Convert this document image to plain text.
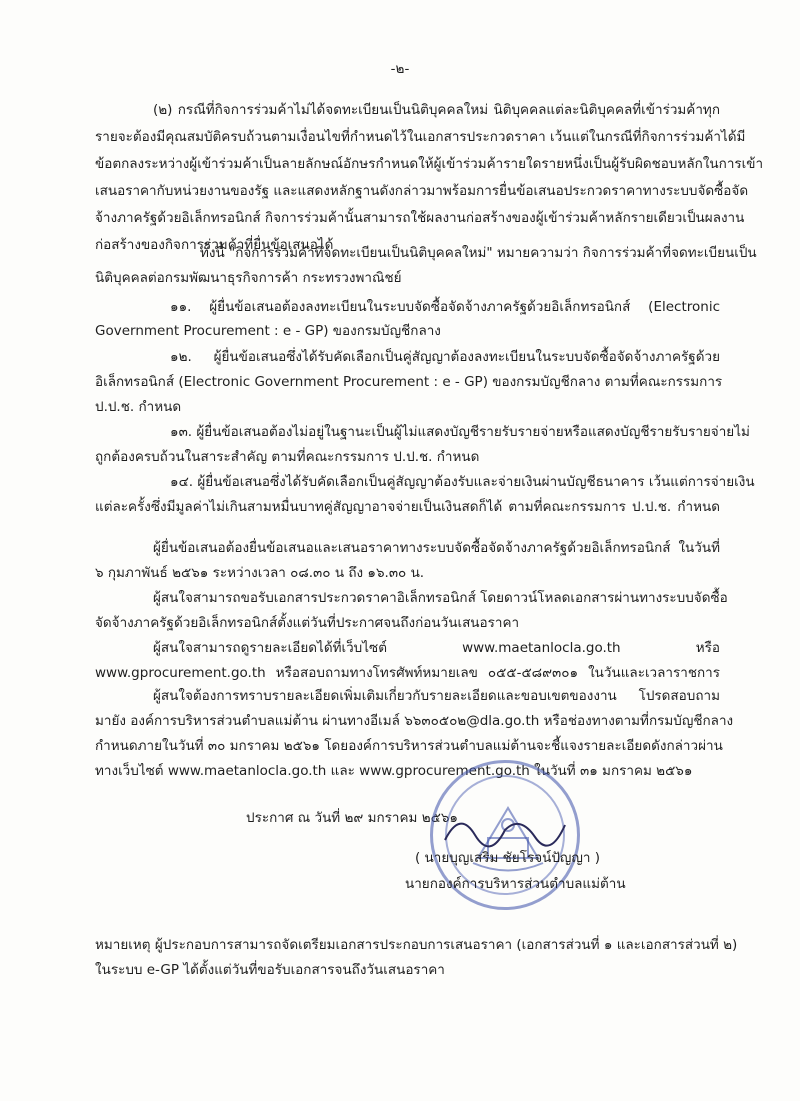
-๒-
(๒) กรณีที่กิจการร่วมค้าไม่ได้จดทะเบียนเป็นนิติบุคคลใหม่ นิติบุคคลแต่ละนิติบุคคลที่เข้าร่วมค้าทุก
รายจะต้องมีคุณสมบัติครบถ้วนตามเงื่อนไขที่กำหนดไว้ในเอกสารประกวดราคา เว้นแต่ในกรณีที่กิจการร่วมค้าได้มี
ข้อตกลงระหว่างผู้เข้าร่วมค้าเป็นลายลักษณ์อักษรกำหนดให้ผู้เข้าร่วมค้ารายใดรายหนึ่งเป็นผู้รับผิดชอบหลักในการเข้า
เสนอราคากับหน่วยงานของรัฐ และแสดงหลักฐานดังกล่าวมาพร้อมการยื่นข้อเสนอประกวดราคาทางระบบจัดซื้อจัด
จ้างภาครัฐด้วยอิเล็กทรอนิกส์ กิจการร่วมค้านั้นสามารถใช้ผลงานก่อสร้างของผู้เข้าร่วมค้าหลักรายเดียวเป็นผลงาน
ก่อสร้างของกิจการร่วมค้าที่ยื่นข้อเสนอได้
ทั้งนี้ "กิจการร่วมค้าที่จดทะเบียนเป็นนิติบุคคลใหม่" หมายความว่า กิจการร่วมค้าที่จดทะเบียนเป็น
นิติบุคคลต่อกรมพัฒนาธุรกิจการค้า กระทรวงพาณิชย์
๑๑. ผู้ยื่นข้อเสนอต้องลงทะเบียนในระบบจัดซื้อจัดจ้างภาครัฐด้วยอิเล็กทรอนิกส์ (Electronic
Government Procurement : e - GP) ของกรมบัญชีกลาง
๑๒. ผู้ยื่นข้อเสนอซึ่งได้รับคัดเลือกเป็นคู่สัญญาต้องลงทะเบียนในระบบจัดซื้อจัดจ้างภาครัฐด้วย
อิเล็กทรอนิกส์ (Electronic Government Procurement : e - GP) ของกรมบัญชีกลาง ตามที่คณะกรรมการ
ป.ป.ช. กำหนด
๑๓. ผู้ยื่นข้อเสนอต้องไม่อยู่ในฐานะเป็นผู้ไม่แสดงบัญชีรายรับรายจ่ายหรือแสดงบัญชีรายรับรายจ่ายไม่
ถูกต้องครบถ้วนในสาระสำคัญ ตามที่คณะกรรมการ ป.ป.ช. กำหนด
๑๔. ผู้ยื่นข้อเสนอซึ่งได้รับคัดเลือกเป็นคู่สัญญาต้องรับและจ่ายเงินผ่านบัญชีธนาคาร เว้นแต่การจ่ายเงิน
แต่ละครั้งซึ่งมีมูลค่าไม่เกินสามหมื่นบาทคู่สัญญาอาจจ่ายเป็นเงินสดก็ได้ ตามที่คณะกรรมการ ป.ป.ช. กำหนด
ผู้ยื่นข้อเสนอต้องยื่นข้อเสนอและเสนอราคาทางระบบจัดซื้อจัดจ้างภาครัฐด้วยอิเล็กทรอนิกส์ ในวันที่
๖ กุมภาพันธ์ ๒๕๖๑ ระหว่างเวลา ๐๘.๓๐ น ถึง ๑๖.๓๐ น.
ผู้สนใจสามารถขอรับเอกสารประกวดราคาอิเล็กทรอนิกส์ โดยดาวน์โหลดเอกสารผ่านทางระบบจัดซื้อ
จัดจ้างภาครัฐด้วยอิเล็กทรอนิกส์ตั้งแต่วันที่ประกาศจนถึงก่อนวันเสนอราคา
ผู้สนใจสามารถดูรายละเอียดได้ที่เว็บไซต์ www.maetanlocla.go.th หรือ
www.gprocurement.go.th หรือสอบถามทางโทรศัพท์หมายเลข ๐๕๕-๕๘๙๓๐๑ ในวันและเวลาราชการ
ผู้สนใจต้องการทราบรายละเอียดเพิ่มเติมเกี่ยวกับรายละเอียดและขอบเขตของงาน โปรดสอบถาม
มายัง องค์การบริหารส่วนตำบลแม่ต้าน ผ่านทางอีเมล์ ๖๖๓๐๕๐๒@dla.go.th หรือช่องทางตามที่กรมบัญชีกลาง
กำหนดภายในวันที่ ๓๐ มกราคม ๒๕๖๑ โดยองค์การบริหารส่วนตำบลแม่ต้านจะชี้แจงรายละเอียดดังกล่าวผ่าน
ทางเว็บไซต์ www.maetanlocla.go.th และ www.gprocurement.go.th ในวันที่ ๓๑ มกราคม ๒๕๖๑
ประกาศ ณ วันที่ ๒๙ มกราคม ๒๕๖๑
( นายบุญเสริม ชัยโรจน์ปัญญา )
นายกองค์การบริหารส่วนตำบลแม่ต้าน
หมายเหตุ ผู้ประกอบการสามารถจัดเตรียมเอกสารประกอบการเสนอราคา (เอกสารส่วนที่ ๑ และเอกสารส่วนที่ ๒)
ในระบบ e-GP ได้ตั้งแต่วันที่ขอรับเอกสารจนถึงวันเสนอราคา
